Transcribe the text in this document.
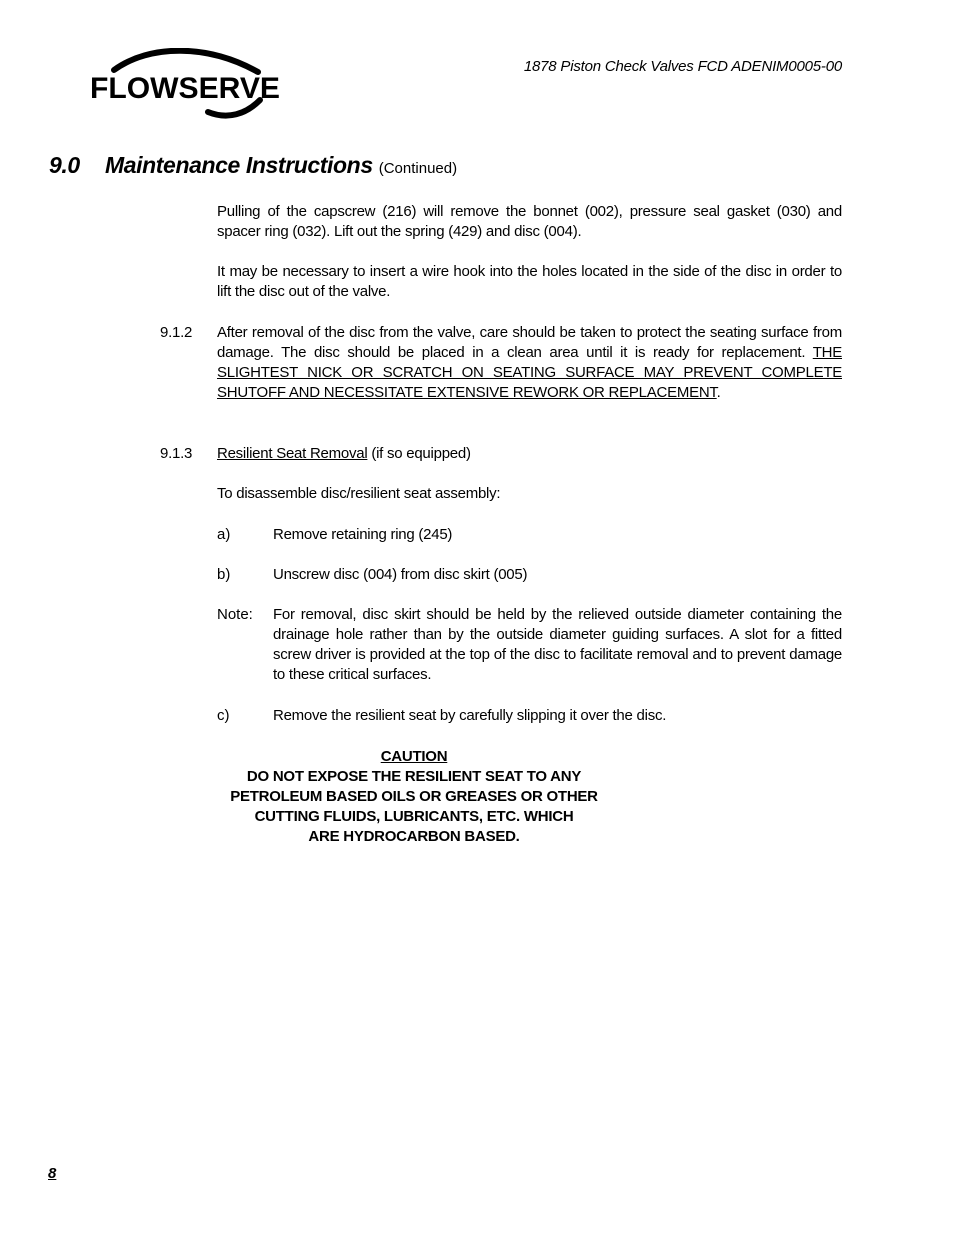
FLOWSERVE
1878 Piston Check Valves FCD ADENIM0005-00
9.0 Maintenance Instructions (Continued)
Pulling of the capscrew (216) will remove the bonnet (002), pressure seal gasket (030) and spacer ring (032). Lift out the spring (429) and disc (004).
It may be necessary to insert a wire hook into the holes located in the side of the disc in order to lift the disc out of the valve.
9.1.2 After removal of the disc from the valve, care should be taken to protect the seating surface from damage. The disc should be placed in a clean area until it is ready for replacement. THE SLIGHTEST NICK OR SCRATCH ON SEATING SURFACE MAY PREVENT COMPLETE SHUTOFF AND NECESSITATE EXTENSIVE REWORK OR REPLACEMENT.
9.1.3 Resilient Seat Removal (if so equipped)
To disassemble disc/resilient seat assembly:
a)	Remove retaining ring (245)
b)	Unscrew disc (004) from disc skirt (005)
Note: For removal, disc skirt should be held by the relieved outside diameter containing the drainage hole rather than by the outside diameter guiding surfaces. A slot for a fitted screw driver is provided at the top of the disc to facilitate removal and to prevent damage to these critical surfaces.
c)	Remove the resilient seat by carefully slipping it over the disc.
CAUTION
DO NOT EXPOSE THE RESILIENT SEAT TO ANY
PETROLEUM BASED OILS OR GREASES OR OTHER
CUTTING FLUIDS, LUBRICANTS, ETC. WHICH
ARE HYDROCARBON BASED.
8
